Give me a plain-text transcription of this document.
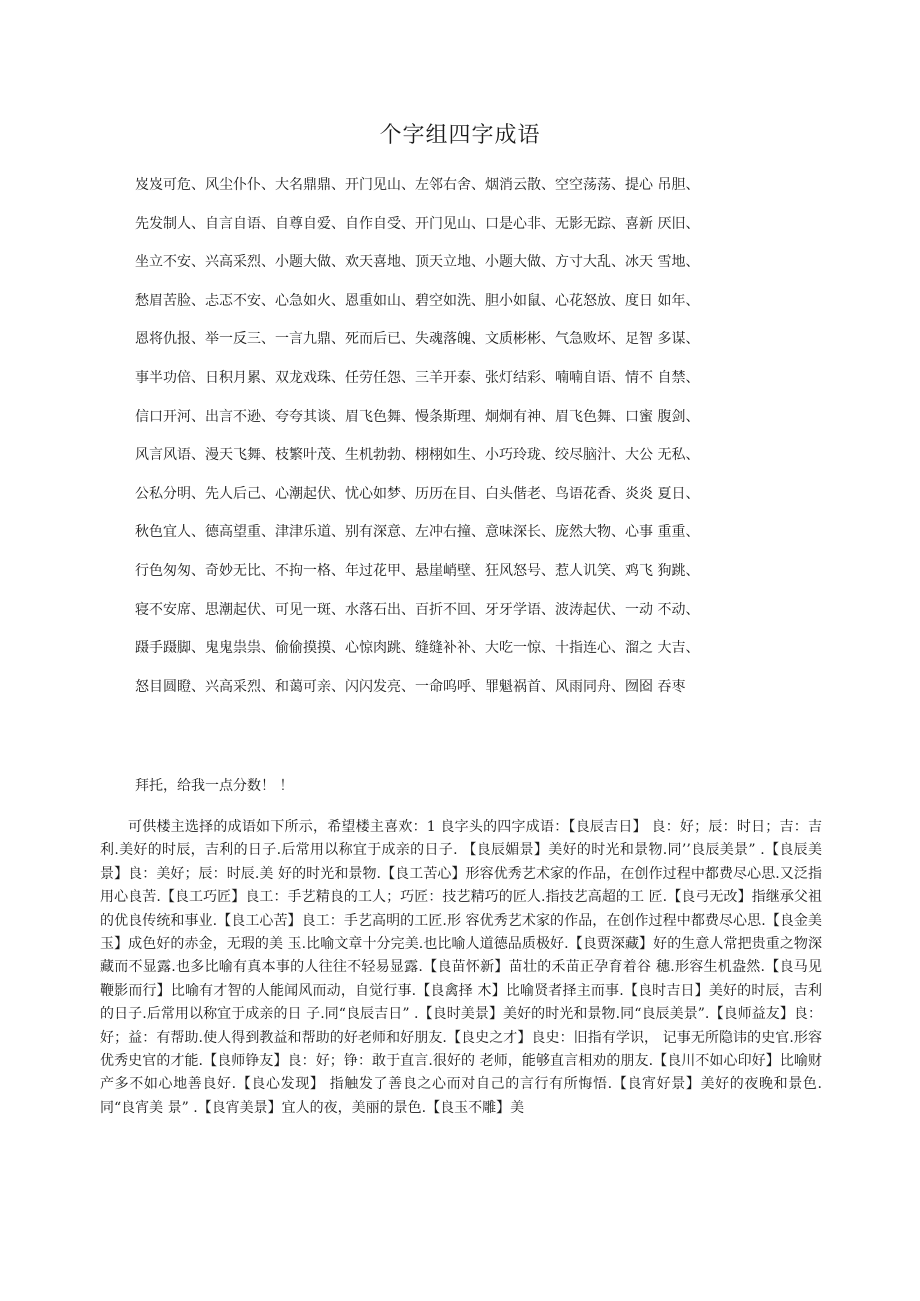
个字组四字成语
岌岌可危、风尘仆仆、大名鼎鼎、开门见山、左邻右舍、烟消云散、空空荡荡、提心 吊胆、
先发制人、自言自语、自尊自爱、自作自受、开门见山、口是心非、无影无踪、喜新 厌旧、
坐立不安、兴高采烈、小题大做、欢天喜地、顶天立地、小题大做、方寸大乱、冰天 雪地、
愁眉苦脸、忐忑不安、心急如火、恩重如山、碧空如洗、胆小如鼠、心花怒放、度日 如年、
恩将仇报、举一反三、一言九鼎、死而后已、失魂落魄、文质彬彬、气急败坏、足智 多谋、
事半功倍、日积月累、双龙戏珠、任劳任怨、三羊开泰、张灯结彩、喃喃自语、情不 自禁、
信口开河、出言不逊、夸夸其谈、眉飞色舞、慢条斯理、炯炯有神、眉飞色舞、口蜜 腹剑、
风言风语、漫天飞舞、枝繁叶茂、生机勃勃、栩栩如生、小巧玲珑、绞尽脑汁、大公 无私、
公私分明、先人后己、心潮起伏、忧心如梦、历历在目、白头偕老、鸟语花香、炎炎 夏日、
秋色宜人、德高望重、津津乐道、别有深意、左冲右撞、意味深长、庞然大物、心事 重重、
行色匆匆、奇妙无比、不拘一格、年过花甲、悬崖峭壁、狂风怒号、惹人讥笑、鸡飞 狗跳、
寝不安席、思潮起伏、可见一斑、水落石出、百折不回、牙牙学语、波涛起伏、一动 不动、
蹑手蹑脚、鬼鬼祟祟、偷偷摸摸、心惊肉跳、缝缝补补、大吃一惊、十指连心、溜之 大吉、
怒目圆瞪、兴高采烈、和蔼可亲、闪闪发亮、一命呜呼、罪魁祸首、风雨同舟、囫囵 吞枣
拜托，给我一点分数！ ！

可供楼主选择的成语如下所示，希望楼主喜欢：1 良字头的四字成语：【良辰吉日】 良：好；辰：时日；吉：吉利.美好的时辰，吉利的日子.后常用以称宜于成亲的日子. 【良辰媚景】美好的时光和景物.同’’良辰美景” .【良辰美景】良：美好；辰：时辰.美 好的时光和景物.【良工苦心】形容优秀艺术家的作品，在创作过程中都费尽心思.又泛指 用心良苦.【良工巧匠】良工：手艺精良的工人；巧匠：技艺精巧的匠人.指技艺高超的工 匠.【良弓无改】指继承父祖的优良传统和事业.【良工心苦】良工：手艺高明的工匠.形 容优秀艺术家的作品，在创作过程中都费尽心思.【良金美玉】成色好的赤金，无瑕的美 玉.比喻文章十分完美.也比喻人道德品质极好.【良贾深藏】好的生意人常把贵重之物深 藏而不显露.也多比喻有真本事的人往往不轻易显露.【良苗怀新】苗壮的禾苗正孕育着谷 穗.形容生机盎然.【良马见鞭影而行】比喻有才智的人能闻风而动，自觉行事.【良禽择 木】比喻贤者择主而事.【良时吉日】美好的时辰，吉利的日子.后常用以称宜于成亲的日 子.同“良辰吉日” .【良时美景】美好的时光和景物.同“良辰美景”.【良师益友】良：好；益：有帮助.使人得到教益和帮助的好老师和好朋友.【良史之才】良史：旧指有学识， 记事无所隐讳的史官.形容优秀史官的才能.【良师铮友】良：好；铮：敢于直言.很好的 老师，能够直言相劝的朋友.【良川不如心印好】比喻财产多不如心地善良好.【良心发现】 指触发了善良之心而对自己的言行有所悔悟.【良宵好景】美好的夜晚和景色.同“良宵美 景” .【良宵美景】宜人的夜，美丽的景色.【良玉不雕】美
